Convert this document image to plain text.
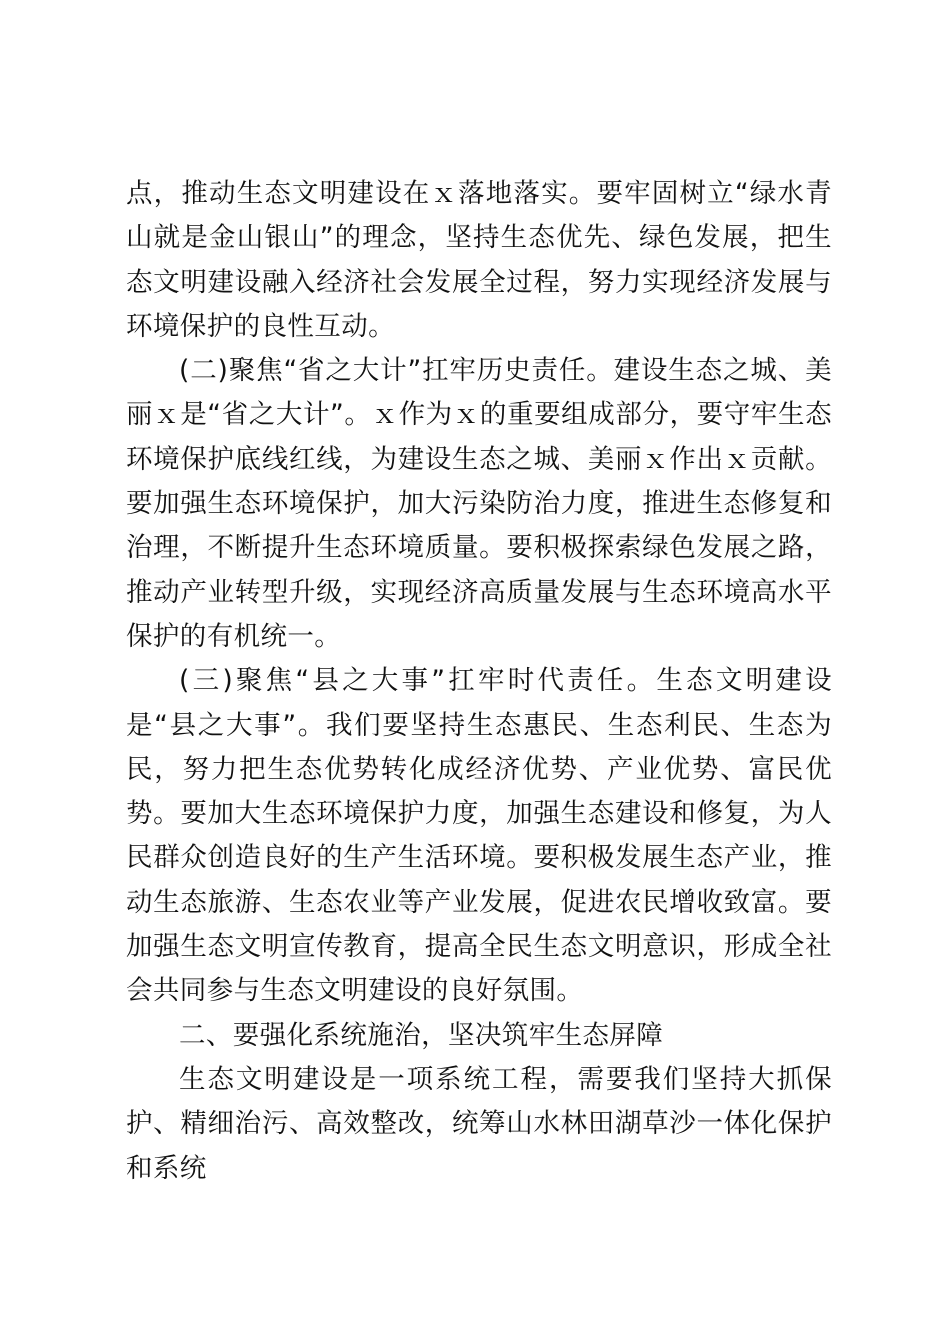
点，推动生态文明建设在ｘ落地落实。要牢固树立“绿水青山就是金山银山”的理念，坚持生态优先、绿色发展，把生态文明建设融入经济社会发展全过程，努力实现经济发展与环境保护的良性互动。

(二)聚焦“省之大计”扛牢历史责任。建设生态之城、美丽ｘ是“省之大计”。ｘ作为ｘ的重要组成部分，要守牢生态环境保护底线红线，为建设生态之城、美丽ｘ作出ｘ贡献。要加强生态环境保护，加大污染防治力度，推进生态修复和治理，不断提升生态环境质量。要积极探索绿色发展之路，推动产业转型升级，实现经济高质量发展与生态环境高水平保护的有机统一。

(三)聚焦“县之大事”扛牢时代责任。生态文明建设是“县之大事”。我们要坚持生态惠民、生态利民、生态为民，努力把生态优势转化成经济优势、产业优势、富民优势。要加大生态环境保护力度，加强生态建设和修复，为人民群众创造良好的生产生活环境。要积极发展生态产业，推动生态旅游、生态农业等产业发展，促进农民增收致富。要加强生态文明宣传教育，提高全民生态文明意识，形成全社会共同参与生态文明建设的良好氛围。

二、要强化系统施治，坚决筑牢生态屏障

生态文明建设是一项系统工程，需要我们坚持大抓保护、精细治污、高效整改，统筹山水林田湖草沙一体化保护和系统
